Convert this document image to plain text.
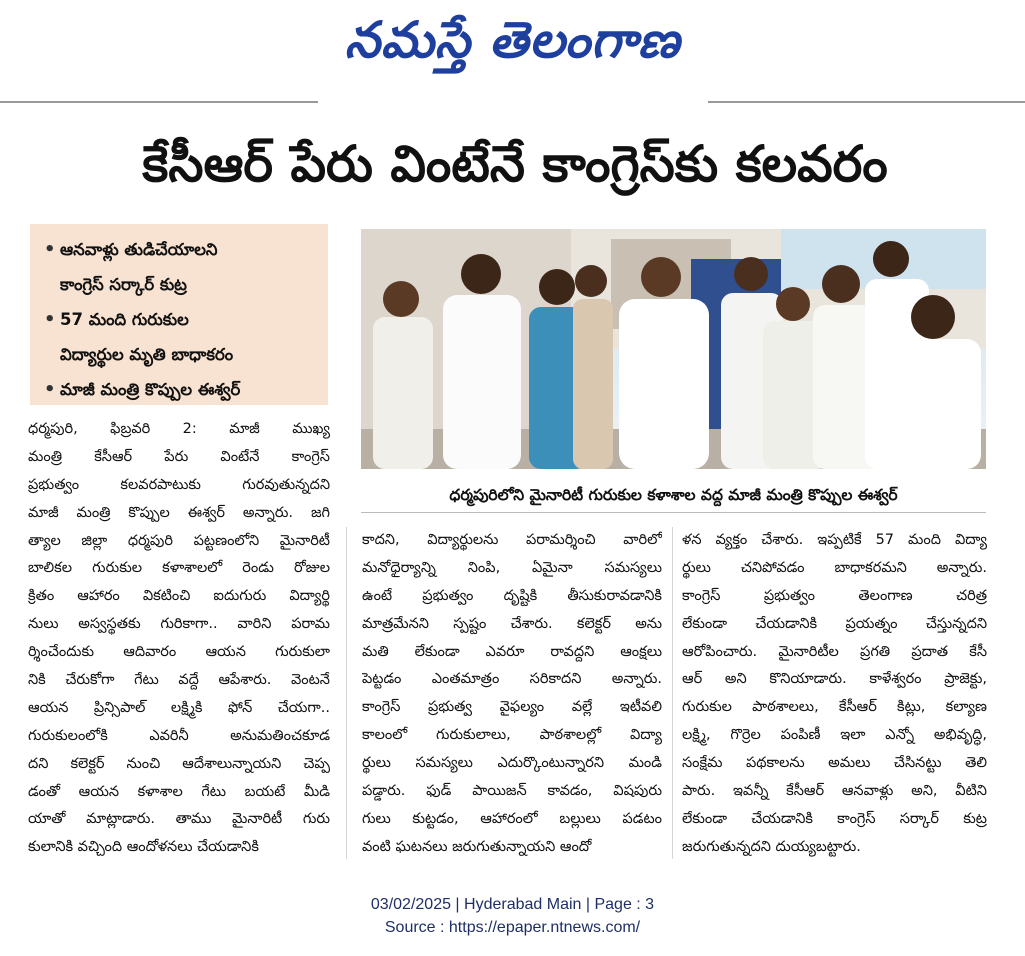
నమస్తే తెలంగాణ
కేసీఆర్ పేరు వింటేనే కాంగ్రెస్‌కు కలవరం
• ఆనవాళ్లు తుడిచేయాలని
కాంగ్రెస్ సర్కార్ కుట్ర
• 57 మంది గురుకుల
విద్యార్థుల మృతి బాధాకరం
• మాజీ మంత్రి కొప్పుల ఈశ్వర్
ధర్మపురిలోని మైనారిటీ గురుకుల కళాశాల వద్ద మాజీ మంత్రి కొప్పుల ఈశ్వర్
ధర్మపురి, ఫిబ్రవరి 2: మాజీ ముఖ్య
మంత్రి కేసీఆర్ పేరు వింటేనే కాంగ్రెస్
ప్రభుత్వం కలవరపాటుకు గురవుతున్నదని
మాజీ మంత్రి కొప్పుల ఈశ్వర్ అన్నారు. జగి
త్యాల జిల్లా ధర్మపురి పట్టణంలోని మైనారిటీ
బాలికల గురుకుల కళాశాలలో రెండు రోజుల
క్రితం ఆహారం వికటించి ఐదుగురు విద్యార్థి
నులు అస్వస్థతకు గురికాగా.. వారిని పరామ
ర్శించేందుకు ఆదివారం ఆయన గురుకులా
నికి చేరుకోగా గేటు వద్దే ఆపేశారు. వెంటనే
ఆయన ప్రిన్సిపాల్ లక్ష్మికి ఫోన్ చేయగా..
గురుకులంలోకి ఎవరినీ అనుమతించకూడ
దని కలెక్టర్ నుంచి ఆదేశాలున్నాయని చెప్ప
డంతో ఆయన కళాశాల గేటు బయటే మీడి
యాతో మాట్లాడారు. తాము మైనారిటీ గురు
కులానికి వచ్చింది ఆందోళనలు చేయడానికి
కాదని, విద్యార్థులను పరామర్శించి వారిలో
మనోధైర్యాన్ని నింపి, ఏమైనా సమస్యలు
ఉంటే ప్రభుత్వం దృష్టికి తీసుకురావడానికి
మాత్రమేనని స్పష్టం చేశారు. కలెక్టర్ అను
మతి లేకుండా ఎవరూ రావద్దని ఆంక్షలు
పెట్టడం ఎంతమాత్రం సరికాదని అన్నారు.
కాంగ్రెస్ ప్రభుత్వ వైఫల్యం వల్లే ఇటీవలి
కాలంలో గురుకులాలు, పాఠశాలల్లో విద్యా
ర్థులు సమస్యలు ఎదుర్కొంటున్నారని మండి
పడ్డారు. ఫుడ్ పాయిజన్ కావడం, విషపురు
గులు కుట్టడం, ఆహారంలో బల్లులు పడటం
వంటి ఘటనలు జరుగుతున్నాయని ఆందో
ళన వ్యక్తం చేశారు. ఇప్పటికే 57 మంది విద్యా
ర్థులు చనిపోవడం బాధాకరమని అన్నారు.
కాంగ్రెస్ ప్రభుత్వం తెలంగాణ చరిత్ర
లేకుండా చేయడానికి ప్రయత్నం చేస్తున్నదని
ఆరోపించారు. మైనారిటీల ప్రగతి ప్రదాత కేసీ
ఆర్ అని కొనియాడారు. కాళేశ్వరం ప్రాజెక్టు,
గురుకుల పాఠశాలలు, కేసీఆర్ కిట్లు, కల్యాణ
లక్ష్మి, గొర్రెల పంపిణీ ఇలా ఎన్నో అభివృద్ధి,
సంక్షేమ పథకాలను అమలు చేసినట్టు తెలి
పారు. ఇవన్నీ కేసీఆర్ ఆనవాళ్లు అని, వీటిని
లేకుండా చేయడానికి కాంగ్రెస్ సర్కార్ కుట్ర
జరుగుతున్నదని దుయ్యబట్టారు.
03/02/2025 | Hyderabad Main | Page : 3
Source : https://epaper.ntnews.com/
